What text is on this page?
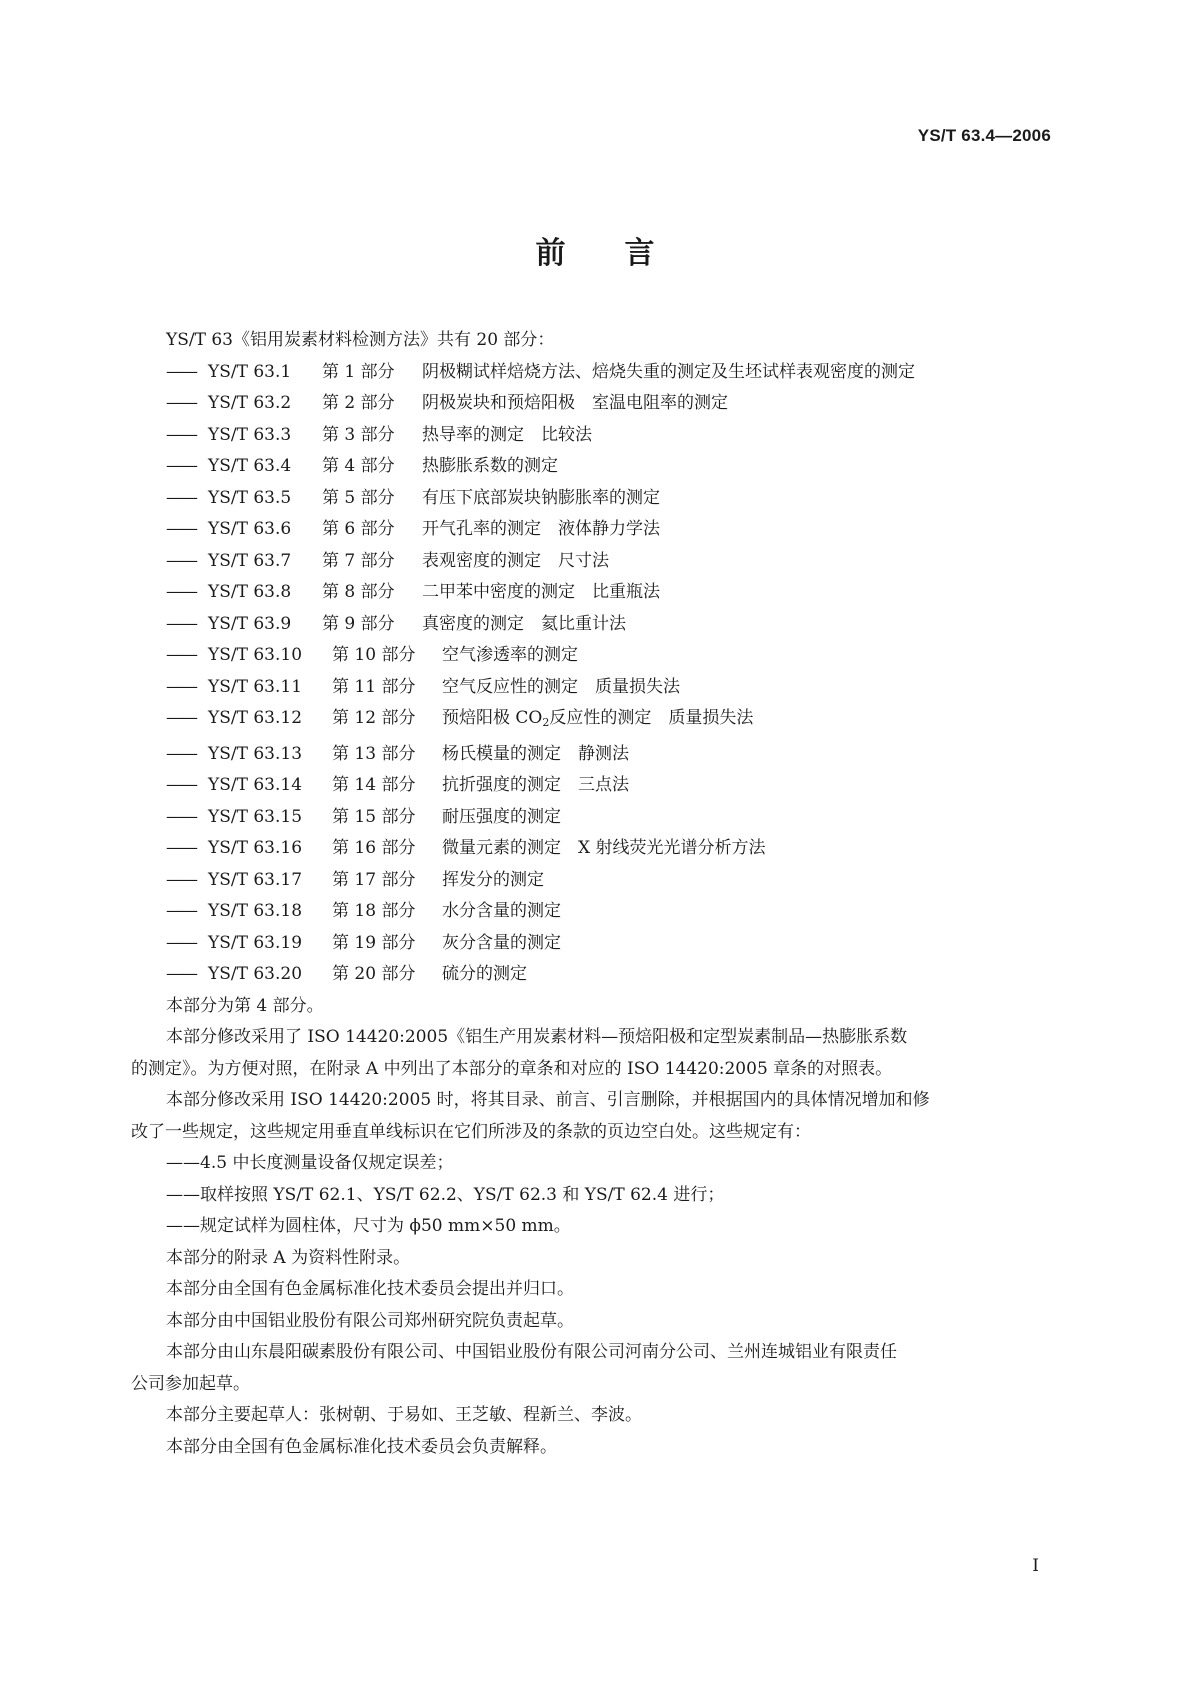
YS/T 63.4—2006
前 言

YS/T 63《铝用炭素材料检测方法》共有 20 部分：

—— YS/T 63.1 第 1 部分 阴极糊试样焙烧方法、焙烧失重的测定及生坯试样表观密度的测定
—— YS/T 63.2 第 2 部分 阴极炭块和预焙阳极　室温电阻率的测定
—— YS/T 63.3 第 3 部分 热导率的测定　比较法
—— YS/T 63.4 第 4 部分 热膨胀系数的测定
—— YS/T 63.5 第 5 部分 有压下底部炭块钠膨胀率的测定
—— YS/T 63.6 第 6 部分 开气孔率的测定　液体静力学法
—— YS/T 63.7 第 7 部分 表观密度的测定　尺寸法
—— YS/T 63.8 第 8 部分 二甲苯中密度的测定　比重瓶法
—— YS/T 63.9 第 9 部分 真密度的测定　氦比重计法
—— YS/T 63.10 第 10 部分 空气渗透率的测定
—— YS/T 63.11 第 11 部分 空气反应性的测定　质量损失法
—— YS/T 63.12 第 12 部分 预焙阳极 $CO_2$反应性的测定　质量损失法
—— YS/T 63.13 第 13 部分 杨氏模量的测定　静测法
—— YS/T 63.14 第 14 部分 抗折强度的测定　三点法
—— YS/T 63.15 第 15 部分 耐压强度的测定
—— YS/T 63.16 第 16 部分 微量元素的测定　X 射线荧光光谱分析方法
—— YS/T 63.17 第 17 部分 挥发分的测定
—— YS/T 63.18 第 18 部分 水分含量的测定
—— YS/T 63.19 第 19 部分 灰分含量的测定
—— YS/T 63.20 第 20 部分 硫分的测定

本部分为第 4 部分。

本部分修改采用了 ISO 14420:2005《铝生产用炭素材料—预焙阳极和定型炭素制品—热膨胀系数
的测定》。为方便对照，在附录 A 中列出了本部分的章条和对应的 ISO 14420:2005 章条的对照表。

本部分修改采用 ISO 14420:2005 时，将其目录、前言、引言删除，并根据国内的具体情况增加和修
改了一些规定，这些规定用垂直单线标识在它们所涉及的条款的页边空白处。这些规定有：

——4.5 中长度测量设备仅规定误差；

——取样按照 YS/T 62.1、YS/T 62.2、YS/T 62.3 和 YS/T 62.4 进行；

——规定试样为圆柱体，尺寸为 ϕ50 mm×50 mm。

本部分的附录 A 为资料性附录。

本部分由全国有色金属标准化技术委员会提出并归口。

本部分由中国铝业股份有限公司郑州研究院负责起草。

本部分由山东晨阳碳素股份有限公司、中国铝业股份有限公司河南分公司、兰州连城铝业有限责任
公司参加起草。

本部分主要起草人：张树朝、于易如、王芝敏、程新兰、李波。

本部分由全国有色金属标准化技术委员会负责解释。

I
